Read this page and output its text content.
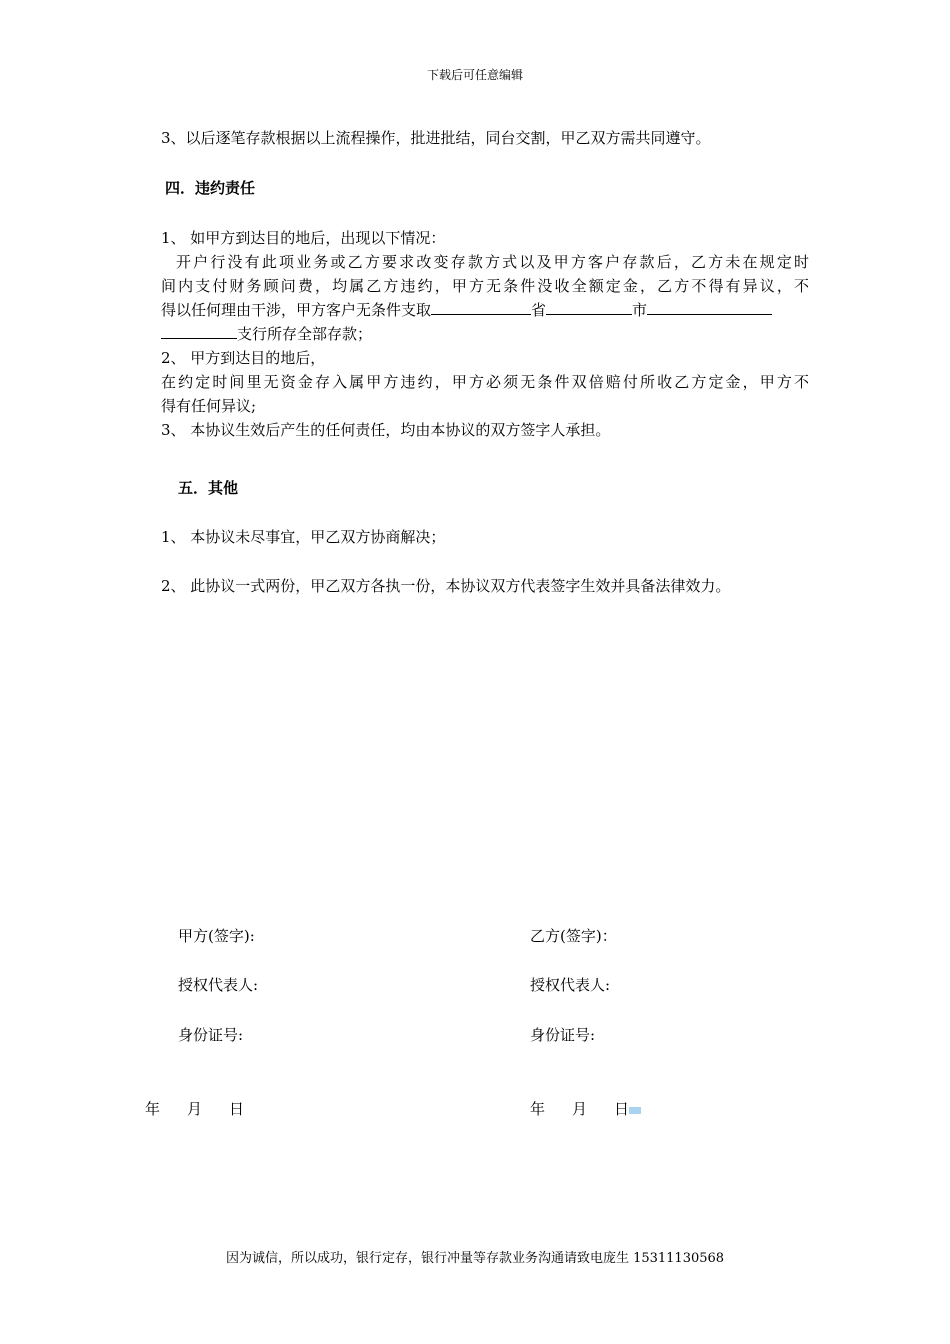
下载后可任意编辑
3、以后逐笔存款根据以上流程操作，批进批结，同台交割，甲乙双方需共同遵守。
四．违约责任
1、 如甲方到达目的地后，出现以下情况：
开户行没有此项业务或乙方要求改变存款方式以及甲方客户存款后，乙方未在规定时
间内支付财务顾问费，均属乙方违约，甲方无条件没收全额定金，乙方不得有异议，不
得以任何理由干涉，甲方客户无条件支取	省	市
支行所存全部存款；
2、 甲方到达目的地后，
在约定时间里无资金存入属甲方违约，甲方必须无条件双倍赔付所收乙方定金，甲方不
得有任何异议;
3、 本协议生效后产生的任何责任，均由本协议的双方签字人承担。
五．其他
1、 本协议未尽事宜，甲乙双方协商解决；
2、 此协议一式两份，甲乙双方各执一份，本协议双方代表签字生效并具备法律效力。
甲方(签字):	乙方(签字)：
授权代表人:	授权代表人:
身份证号:	身份证号:
年 月 日	年 月 日
因为诚信，所以成功，银行定存，银行冲量等存款业务沟通请致电庞生 15311130568
